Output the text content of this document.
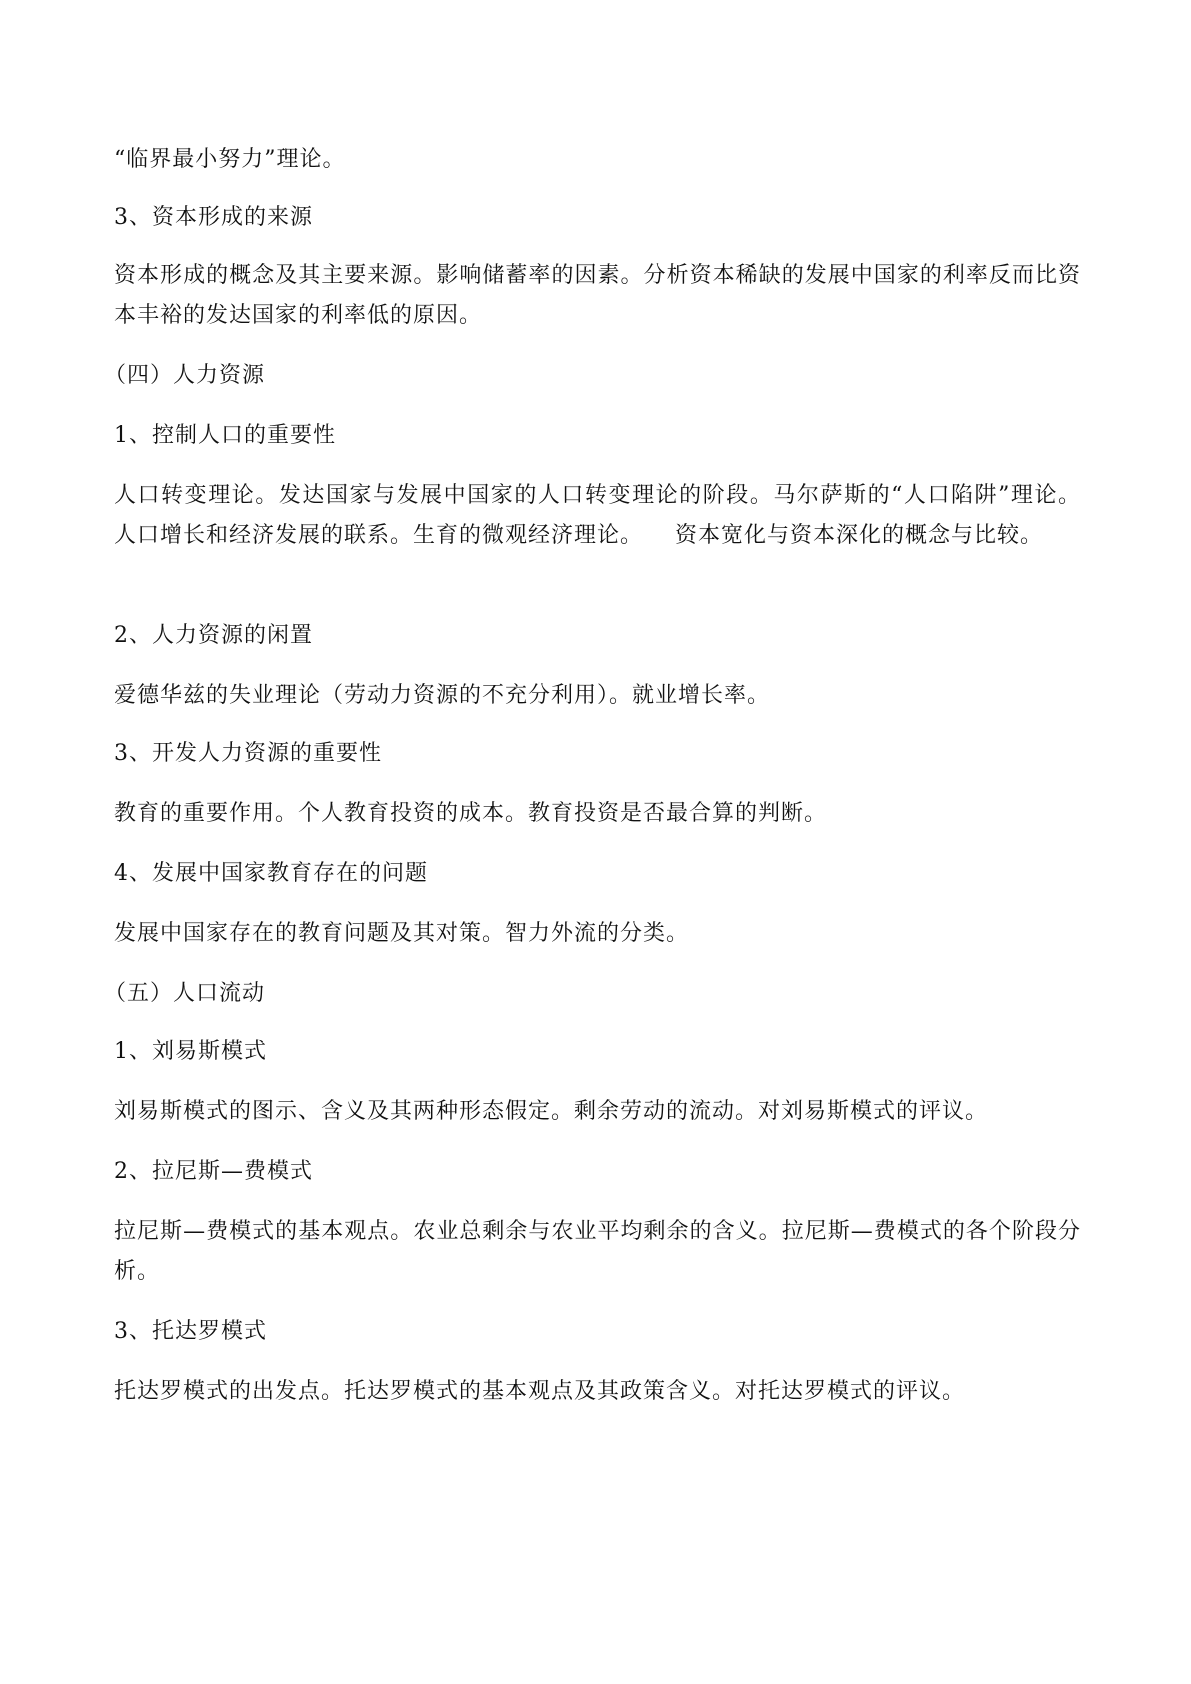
“临界最小努力”理论。

3、资本形成的来源

资本形成的概念及其主要来源。影响储蓄率的因素。分析资本稀缺的发展中国家的利率反而比资本丰裕的发达国家的利率低的原因。

（四）人力资源

1、控制人口的重要性

人口转变理论。发达国家与发展中国家的人口转变理论的阶段。马尔萨斯的“人口陷阱”理论。人口增长和经济发展的联系。生育的微观经济理论。    资本宽化与资本深化的概念与比较。

2、人力资源的闲置

爱德华兹的失业理论（劳动力资源的不充分利用）。就业增长率。

3、开发人力资源的重要性

教育的重要作用。个人教育投资的成本。教育投资是否最合算的判断。

4、发展中国家教育存在的问题

发展中国家存在的教育问题及其对策。智力外流的分类。

（五）人口流动

1、刘易斯模式

刘易斯模式的图示、含义及其两种形态假定。剩余劳动的流动。对刘易斯模式的评议。

2、拉尼斯—费模式

拉尼斯—费模式的基本观点。农业总剩余与农业平均剩余的含义。拉尼斯—费模式的各个阶段分析。

3、托达罗模式

托达罗模式的出发点。托达罗模式的基本观点及其政策含义。对托达罗模式的评议。
